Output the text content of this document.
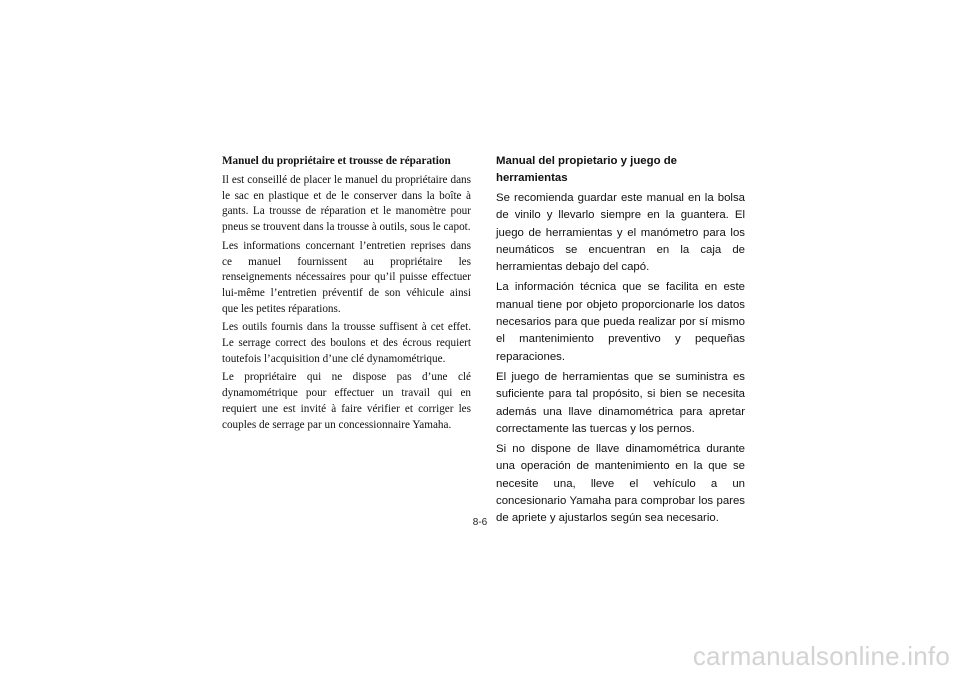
Manuel du propriétaire et trousse de réparation

Il est conseillé de placer le manuel du propriétaire dans le sac en plastique et de le conserver dans la boîte à gants. La trousse de réparation et le manomètre pour pneus se trouvent dans la trousse à outils, sous le capot.

Les informations concernant l’entretien reprises dans ce manuel fournissent au propriétaire les renseignements nécessaires pour qu’il puisse effectuer lui-même l’entretien préventif de son véhicule ainsi que les petites réparations.

Les outils fournis dans la trousse suffisent à cet effet. Le serrage correct des boulons et des écrous requiert toutefois l’acquisition d’une clé dynamométrique.

Le propriétaire qui ne dispose pas d’une clé dynamométrique pour effectuer un travail qui en requiert une est invité à faire vérifier et corriger les couples de serrage par un concessionnaire Yamaha.

Manual del propietario y juego de herramientas

Se recomienda guardar este manual en la bolsa de vinilo y llevarlo siempre en la guantera. El juego de herramientas y el manómetro para los neumáticos se encuentran en la caja de herramientas debajo del capó.

La información técnica que se facilita en este manual tiene por objeto proporcionarle los datos necesarios para que pueda realizar por sí mismo el mantenimiento preventivo y pequeñas reparaciones.

El juego de herramientas que se suministra es suficiente para tal propósito, si bien se necesita además una llave dinamométrica para apretar correctamente las tuercas y los pernos.

Si no dispone de llave dinamométrica durante una operación de mantenimiento en la que se necesite una, lleve el vehículo a un concesionario Yamaha para comprobar los pares de apriete y ajustarlos según sea necesario.

8-6
carmanualsonline.info
